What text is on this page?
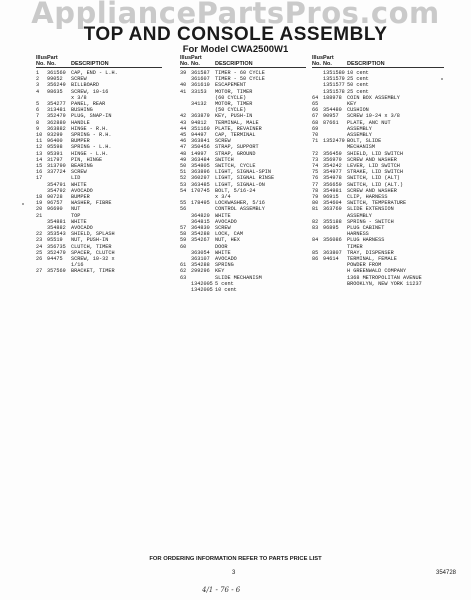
AppliancePartsPros.com
TOP AND CONSOLE ASSEMBLY
For Model CWA2500W1
Illus.
Part
No. No.	DESCRIPTION
1	361560	CAP, END - L.H.
2	99052	SCREW
3	356249	BILLBOARD
4	98635	SCREW, 10-16
x 3/8
5	354277	PANEL, REAR
6	313481	BUSHING
7	352479	PLUG, SNAP-IN
8	362880	HANDLE
9	363882	HINGE - R.H.
10 93299	SPRING - R.H.
11 96400	BUMPER
12 95598	SPRING - L.H.
13 95391	HINGE - L.H.
14 31797	PIN, HINGE
15 313790	BEARING
16 337724	SCREW
17	LID
354791	WHITE
354792	AVOCADO
18 90728	BUMPER
19 96757	WASHER, FIBRE
20 96690	NUT
21	TOP
354881	WHITE
354882	AVOCADO
22 353543	SHIELD, SPLASH
23 95519	NUT, PUSH-IN
24 356735	CLUTCH, TIMER
25 352479	SPACER, CLUTCH
26 94475	SCREW, 10-32 x
1/16
27 357569	BRACKET, TIMER
Illus.
Part
No. No.	DESCRIPTION
39 361587	TIMER - 60 CYCLE
361607	TIMER - 50 CYCLE
40 361610	ESCAPEMENT
41 33153	MOTOR, TIMER
(60 CYCLE)
34132	MOTOR, TIMER
(50 CYCLE)
42 363879	KEY, PUSH-IN
43 94812	TERMINAL, MALE
44 351160	PLATE, REVAINER
45 94497	CAP, TERMINAL
46 363841	SCREW
47 350456	STRAP, SUPPORT
48 14997	STRAP, GROUND
49 363484	SWITCH
50 354805	SWITCH, CYCLE
51 363896	LIGHT, SIGNAL-SPIN
52 360297	LIGHT, SIGNAL RINSE
53 363485	LIGHT, SIGNAL-ON
54 170745	BOLT, 5/16-24
x 3/4
55 178495	LOCKWASHER, 5/16
56	CONTROL ASSEMBLY
364820	WHITE
364815	AVOCADO
57 364830	SCREW
58 354288	LOCK, CAM
59 354267	NUT, HEX
60	DOOR
363054	WHITE
363107	AVOCADO
61 354288	SPRING
62 299296	KEY
63	SLIDE MECHANISM
1342005 5 cent
1342005 10 cent
Illus.
Part
No. No.	DESCRIPTION
1351580 10 cent
1351579 25 cent
1351577 50 cent
1351578 25 cent
64 188978	COIN BOX ASSEMBLY
65	KEY
66 354480	CUSHION
67 90957	SCREW 10-24 x 3/8
68 87661	PLATE, ANC NUT
69	ASSEMBLY
70	ASSEMBLY
71 1352479 BOLT, SLIDE
MECHANISM
72 356459	SHIELD, LID SWITCH
73 356979	SCREW AND WASHER
74 354242	LEVER, LID SWITCH
75 354977	STRAKE, LID SWITCH
76 354978	SWITCH, LID (ALT)
77 356659	SWITCH, LID (ALT.)
78 354981	SCREW AND WASHER
79 96915	CLIP, HARNESS
80 354604	SWITCH, TEMPERATURE
81 363769	SLIDE EXTENSION
ASSEMBLY
82 355188	SPRING - SWITCH
83 96895	PLUG CABINET
HARNESS
84 356086	PLUG HARNESS
TIMER
85 363807	TRAY, DISPENSER
86 94614	TERMINAL, FEMALE
POWDER FROM
H GREENWALD COMPANY
1368 METROPOLITAN AVENUE
BROOKLYN, NEW YORK 11237
FOR ORDERING INFORMATION REFER TO PARTS PRICE LIST
3	354728
4/1 - 76 - 6
